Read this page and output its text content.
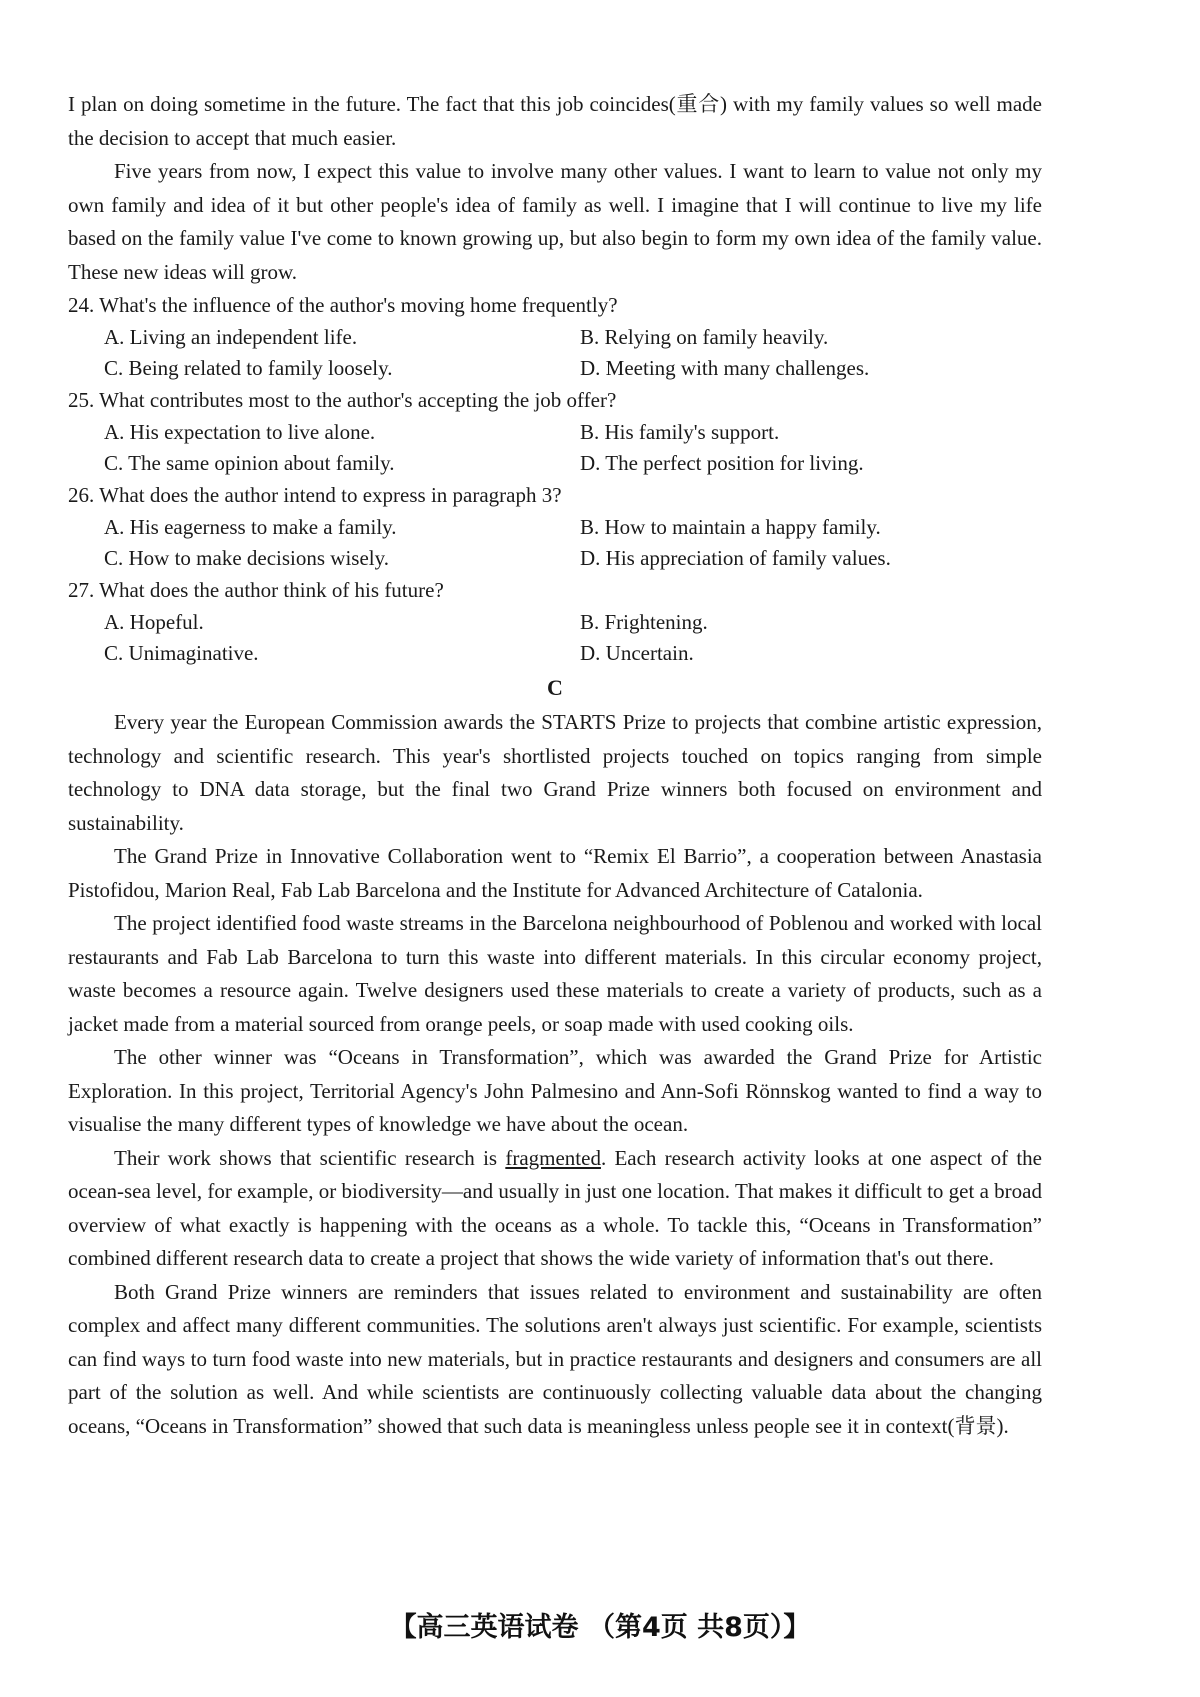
I plan on doing sometime in the future. The fact that this job coincides(重合) with my family values so well made the decision to accept that much easier.

Five years from now, I expect this value to involve many other values. I want to learn to value not only my own family and idea of it but other people's idea of family as well. I imagine that I will continue to live my life based on the family value I've come to known growing up, but also begin to form my own idea of the family value. These new ideas will grow.

24. What's the influence of the author's moving home frequently?

A. Living an independent life.	B. Relying on family heavily.
C. Being related to family loosely.	D. Meeting with many challenges.

25. What contributes most to the author's accepting the job offer?

A. His expectation to live alone.	B. His family's support.
C. The same opinion about family.	D. The perfect position for living.

26. What does the author intend to express in paragraph 3?

A. His eagerness to make a family.	B. How to maintain a happy family.
C. How to make decisions wisely.	D. His appreciation of family values.

27. What does the author think of his future?

A. Hopeful.	B. Frightening.
C. Unimaginative.	D. Uncertain.
C

Every year the European Commission awards the STARTS Prize to projects that combine artistic expression, technology and scientific research. This year's shortlisted projects touched on topics ranging from simple technology to DNA data storage, but the final two Grand Prize winners both focused on environment and sustainability.

The Grand Prize in Innovative Collaboration went to “Remix El Barrio”, a cooperation between Anastasia Pistofidou, Marion Real, Fab Lab Barcelona and the Institute for Advanced Architecture of Catalonia.

The project identified food waste streams in the Barcelona neighbourhood of Poblenou and worked with local restaurants and Fab Lab Barcelona to turn this waste into different materials. In this circular economy project, waste becomes a resource again. Twelve designers used these materials to create a variety of products, such as a jacket made from a material sourced from orange peels, or soap made with used cooking oils.

The other winner was “Oceans in Transformation”, which was awarded the Grand Prize for Artistic Exploration. In this project, Territorial Agency's John Palmesino and Ann-Sofi Rönnskog wanted to find a way to visualise the many different types of knowledge we have about the ocean.

Their work shows that scientific research is fragmented. Each research activity looks at one aspect of the ocean-sea level, for example, or biodiversity—and usually in just one location. That makes it difficult to get a broad overview of what exactly is happening with the oceans as a whole. To tackle this, “Oceans in Transformation” combined different research data to create a project that shows the wide variety of information that's out there.

Both Grand Prize winners are reminders that issues related to environment and sustainability are often complex and affect many different communities. The solutions aren't always just scientific. For example, scientists can find ways to turn food waste into new materials, but in practice restaurants and designers and consumers are all part of the solution as well. And while scientists are continuously collecting valuable data about the changing oceans, “Oceans in Transformation” showed that such data is meaningless unless people see it in context(背景).

【高三英语试卷 （第4页 共8页）】
